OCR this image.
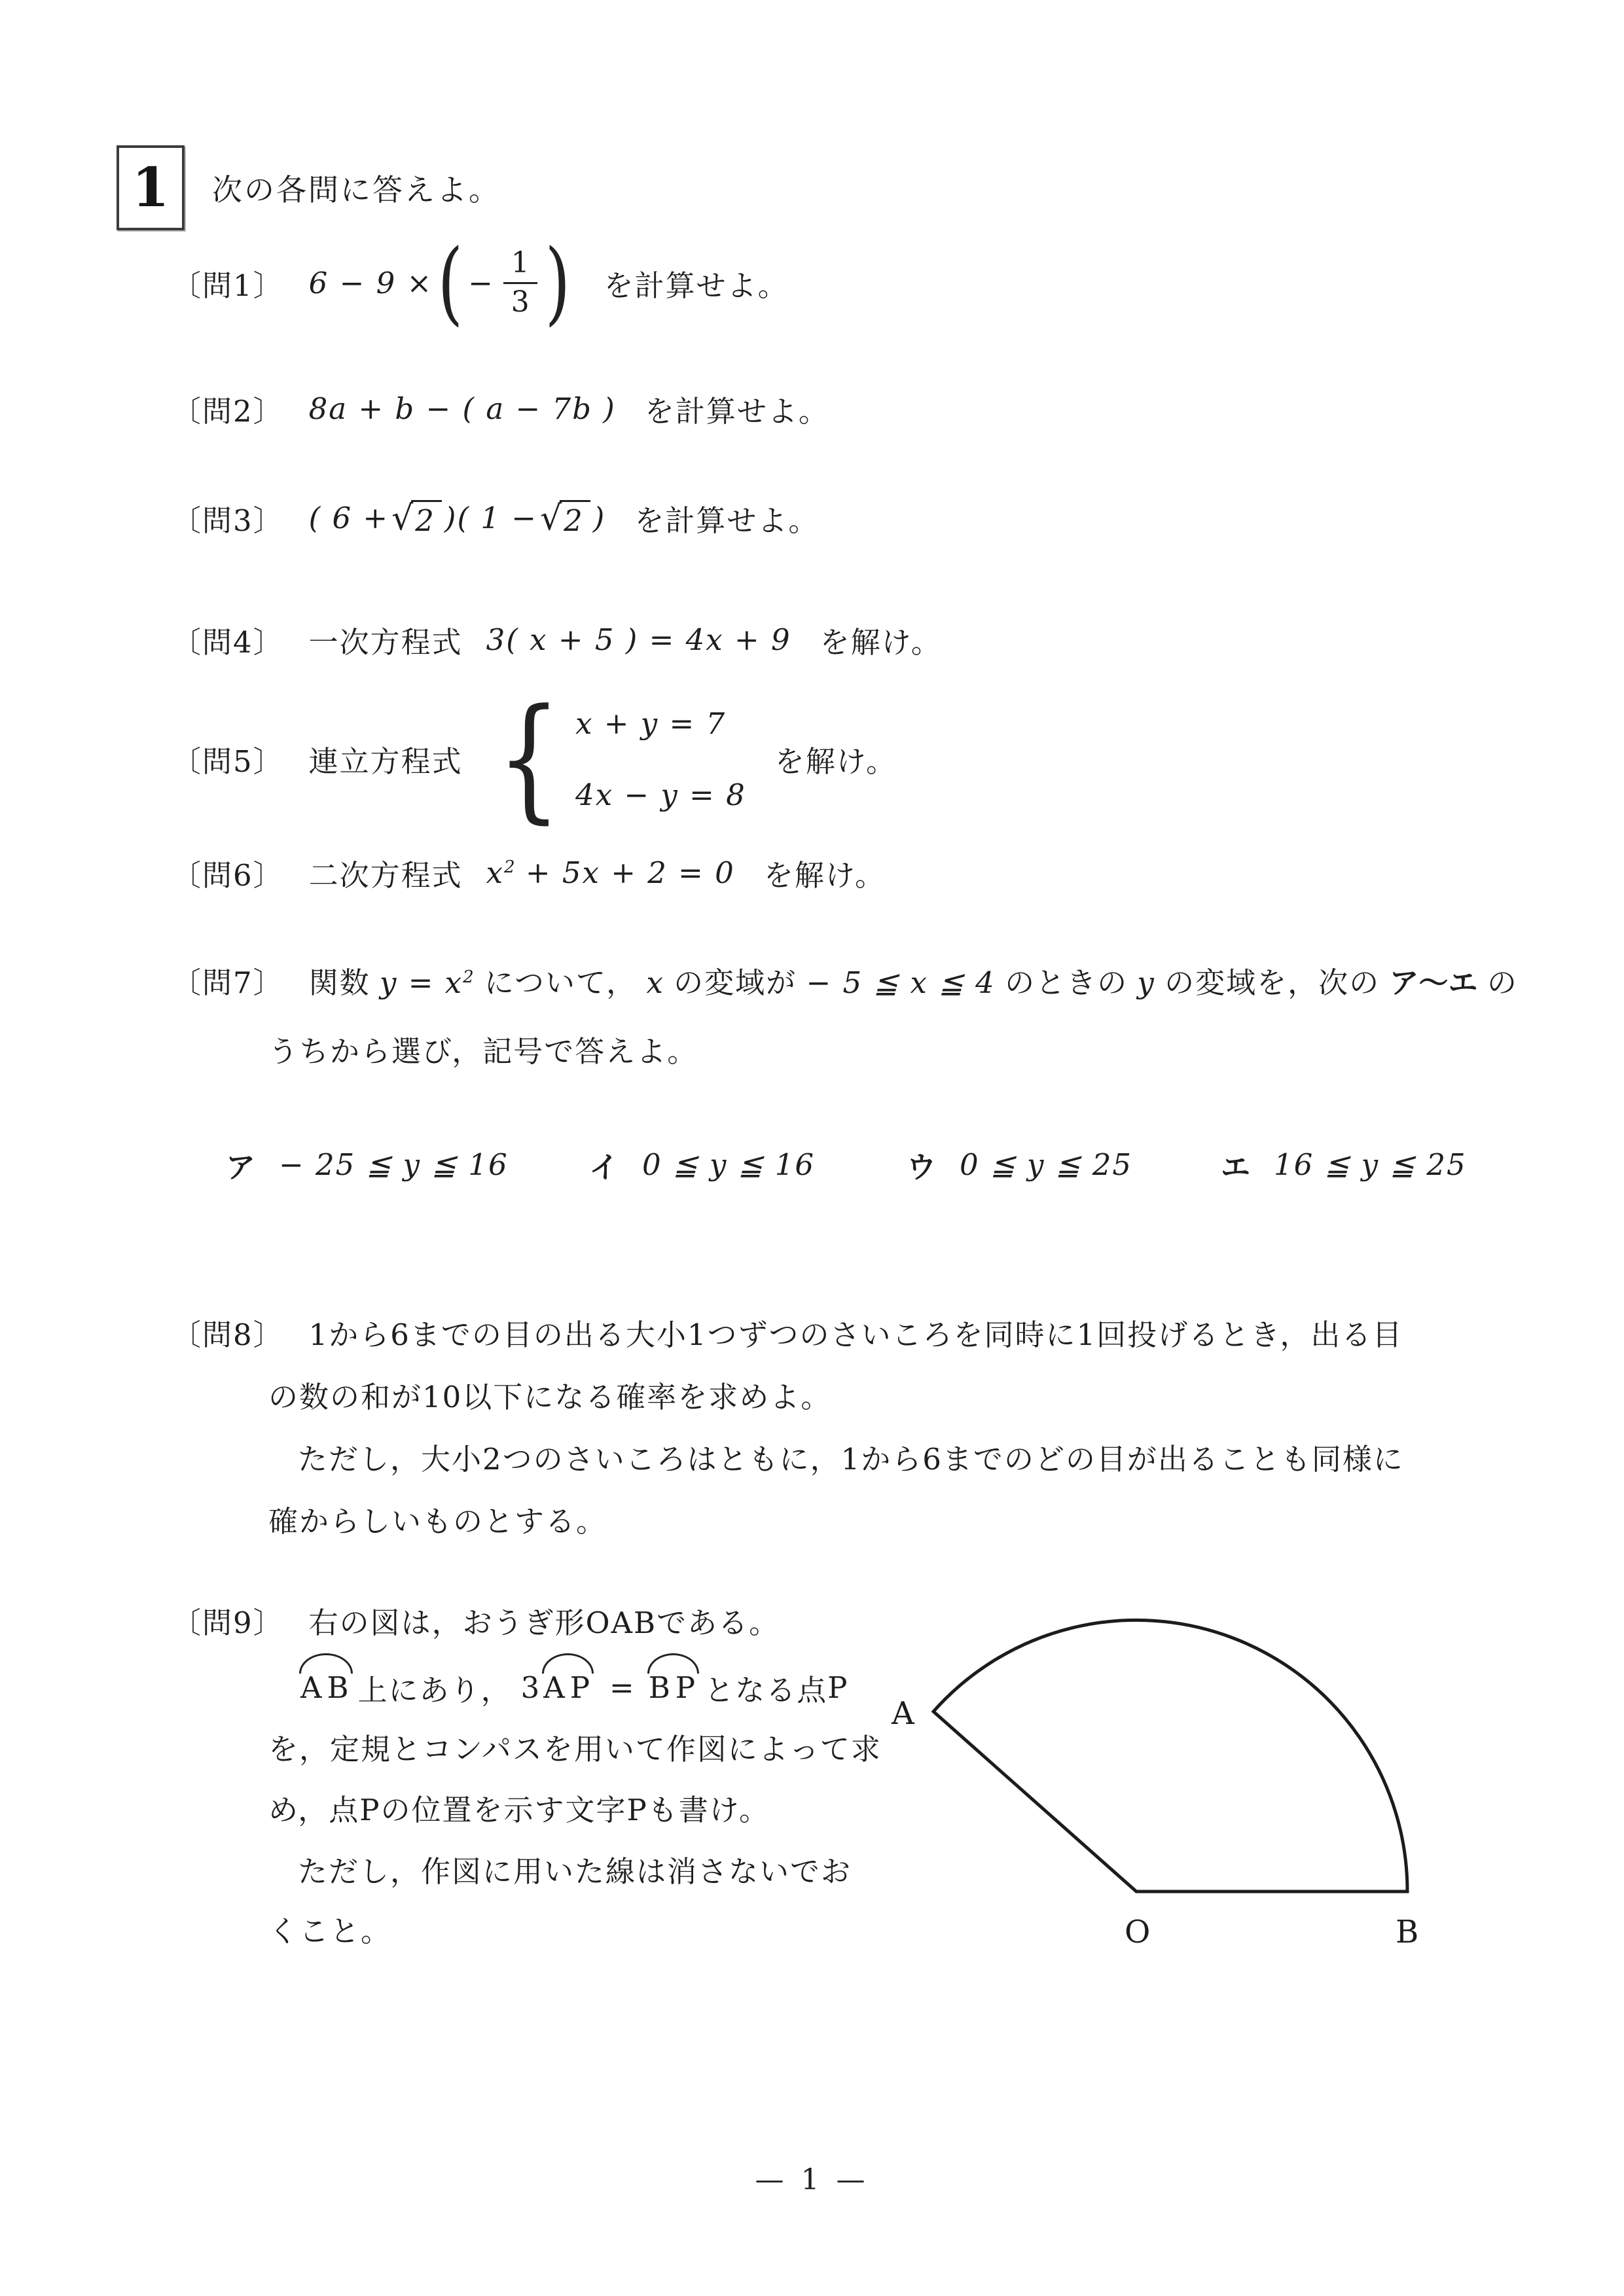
1 次の各問に答えよ。
〔問1〕 6 − 9 × ( − $\frac{1}{3}$ ) を計算せよ。
〔問2〕 8a + b − ( a − 7b ) を計算せよ。
〔問3〕 ( 6 + √ 2 )( 1 − √ 2 ) を計算せよ。
〔問4〕 一次方程式 3( x + 5 ) = 4x + 9 を解け。
〔問5〕 連立方程式 { x + y = 7
4x − y = 8
を解け。
〔問6〕 二次方程式 $x^2 + 5x + 2 = 0$ を解け。
〔問7〕 関数 $y = x^2$ について， x の変域が − 5 ≦ x ≦ 4 のときの y の変域を，次の ア～エ の
うちから選び，記号で答えよ。
ア − 25 ≦ y ≦ 16	イ 0 ≦ y ≦ 16	ウ 0 ≦ y ≦ 25	エ 16 ≦ y ≦ 25
〔問8〕 1から6までの目の出る大小1つずつのさいころを同時に1回投げるとき，出る目
の数の和が10以下になる確率を求めよ。
ただし，大小2つのさいころはともに，1から6までのどの目が出ることも同様に
確からしいものとする。
〔問9〕 右の図は，おうぎ形OABである。
AB 上にあり， 3 AP = BP となる点 P
を，定規とコンパスを用いて作図によって求
め，点Pの位置を示す文字Pも書け。
ただし，作図に用いた線は消さないでお
くこと。
A
O	B
— 1 —
